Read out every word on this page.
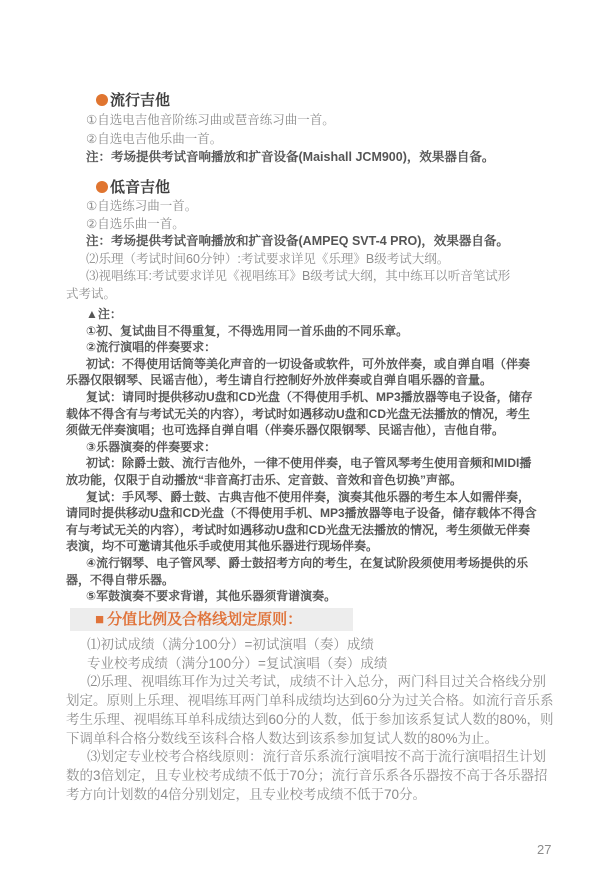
流行吉他
①自选电吉他音阶练习曲或琶音练习曲一首。
②自选电吉他乐曲一首。
注：考场提供考试音响播放和扩音设备(Maishall JCM900)，效果器自备。
低音吉他
①自选练习曲一首。
②自选乐曲一首。
注：考场提供考试音响播放和扩音设备(AMPEQ SVT-4 PRO)，效果器自备。
⑵乐理（考试时间60分钟）:考试要求详见《乐理》B级考试大纲。
⑶视唱练耳:考试要求详见《视唱练耳》B级考试大纲，其中练耳以听音笔试形
式考试。
▲注：
①初、复试曲目不得重复，不得选用同一首乐曲的不同乐章。
②流行演唱的伴奏要求：
初试：不得使用话筒等美化声音的一切设备或软件，可外放伴奏，或自弹自唱（伴奏
乐器仅限钢琴、民谣吉他），考生请自行控制好外放伴奏或自弹自唱乐器的音量。
复试：请同时提供移动U盘和CD光盘（不得使用手机、MP3播放器等电子设备，储存
载体不得含有与考试无关的内容），考试时如遇移动U盘和CD光盘无法播放的情况，考生
须做无伴奏演唱；也可选择自弹自唱（伴奏乐器仅限钢琴、民谣吉他），吉他自带。
③乐器演奏的伴奏要求：
初试：除爵士鼓、流行吉他外，一律不使用伴奏，电子管风琴考生使用音频和MIDI播
放功能，仅限于自动播放“非音高打击乐、定音鼓、音效和音色切换”声部。
复试：手风琴、爵士鼓、古典吉他不使用伴奏，演奏其他乐器的考生本人如需伴奏，
请同时提供移动U盘和CD光盘（不得使用手机、MP3播放器等电子设备，储存载体不得含
有与考试无关的内容），考试时如遇移动U盘和CD光盘无法播放的情况，考生须做无伴奏
表演，均不可邀请其他乐手或使用其他乐器进行现场伴奏。
④流行钢琴、电子管风琴、爵士鼓招考方向的考生，在复试阶段须使用考场提供的乐
器，不得自带乐器。
⑤军鼓演奏不要求背谱，其他乐器须背谱演奏。
■ 分值比例及合格线划定原则：
⑴初试成绩（满分100分）=初试演唱（奏）成绩
专业校考成绩（满分100分）=复试演唱（奏）成绩
⑵乐理、视唱练耳作为过关考试，成绩不计入总分，两门科目过关合格线分别
划定。原则上乐理、视唱练耳两门单科成绩均达到60分为过关合格。如流行音乐系
考生乐理、视唱练耳单科成绩达到60分的人数，低于参加该系复试人数的80%，则
下调单科合格分数线至该科合格人数达到该系参加复试人数的80%为止。
⑶划定专业校考合格线原则：流行音乐系流行演唱按不高于流行演唱招生计划
数的3倍划定，且专业校考成绩不低于70分；流行音乐系各乐器按不高于各乐器招
考方向计划数的4倍分别划定，且专业校考成绩不低于70分。
27
